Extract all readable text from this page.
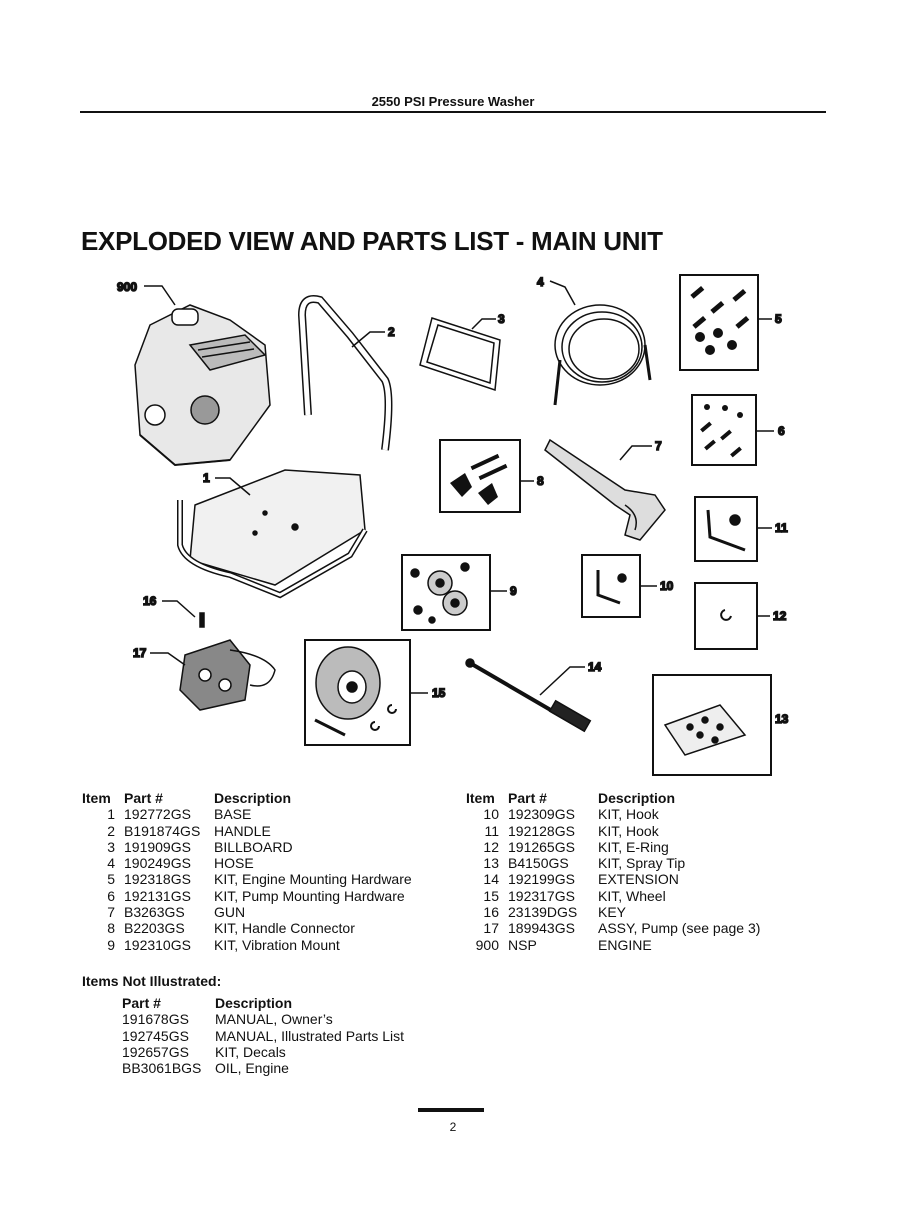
2550 PSI Pressure Washer
EXPLODED VIEW AND PARTS LIST - MAIN UNIT
900
2
1
3
4
5
6
7
8
9	10
11
12
13
14
15
16
17
Item Part #	Description
1 192772GS	BASE
2 B191874GS HANDLE
3 191909GS	BILLBOARD
4 190249GS	HOSE
5 192318GS	KIT, Engine Mounting Hardware
6 192131GS	KIT, Pump Mounting Hardware
7 B3263GS	GUN
8 B2203GS	KIT, Handle Connector
9 192310GS	KIT, Vibration Mount
Item Part #	Description
10 192309GS	KIT, Hook
11 192128GS	KIT, Hook
12 191265GS	KIT, E-Ring
13 B4150GS	KIT, Spray Tip
14 192199GS	EXTENSION
15 192317GS	KIT, Wheel
16 23139DGS	KEY
17 189943GS	ASSY, Pump (see page 3)
900 NSP	ENGINE
Items Not Illustrated:
Part #	Description
191678GS	MANUAL, Owner’s
192745GS	MANUAL, Illustrated Parts List
192657GS	KIT, Decals
BB3061BGS OIL, Engine
2
